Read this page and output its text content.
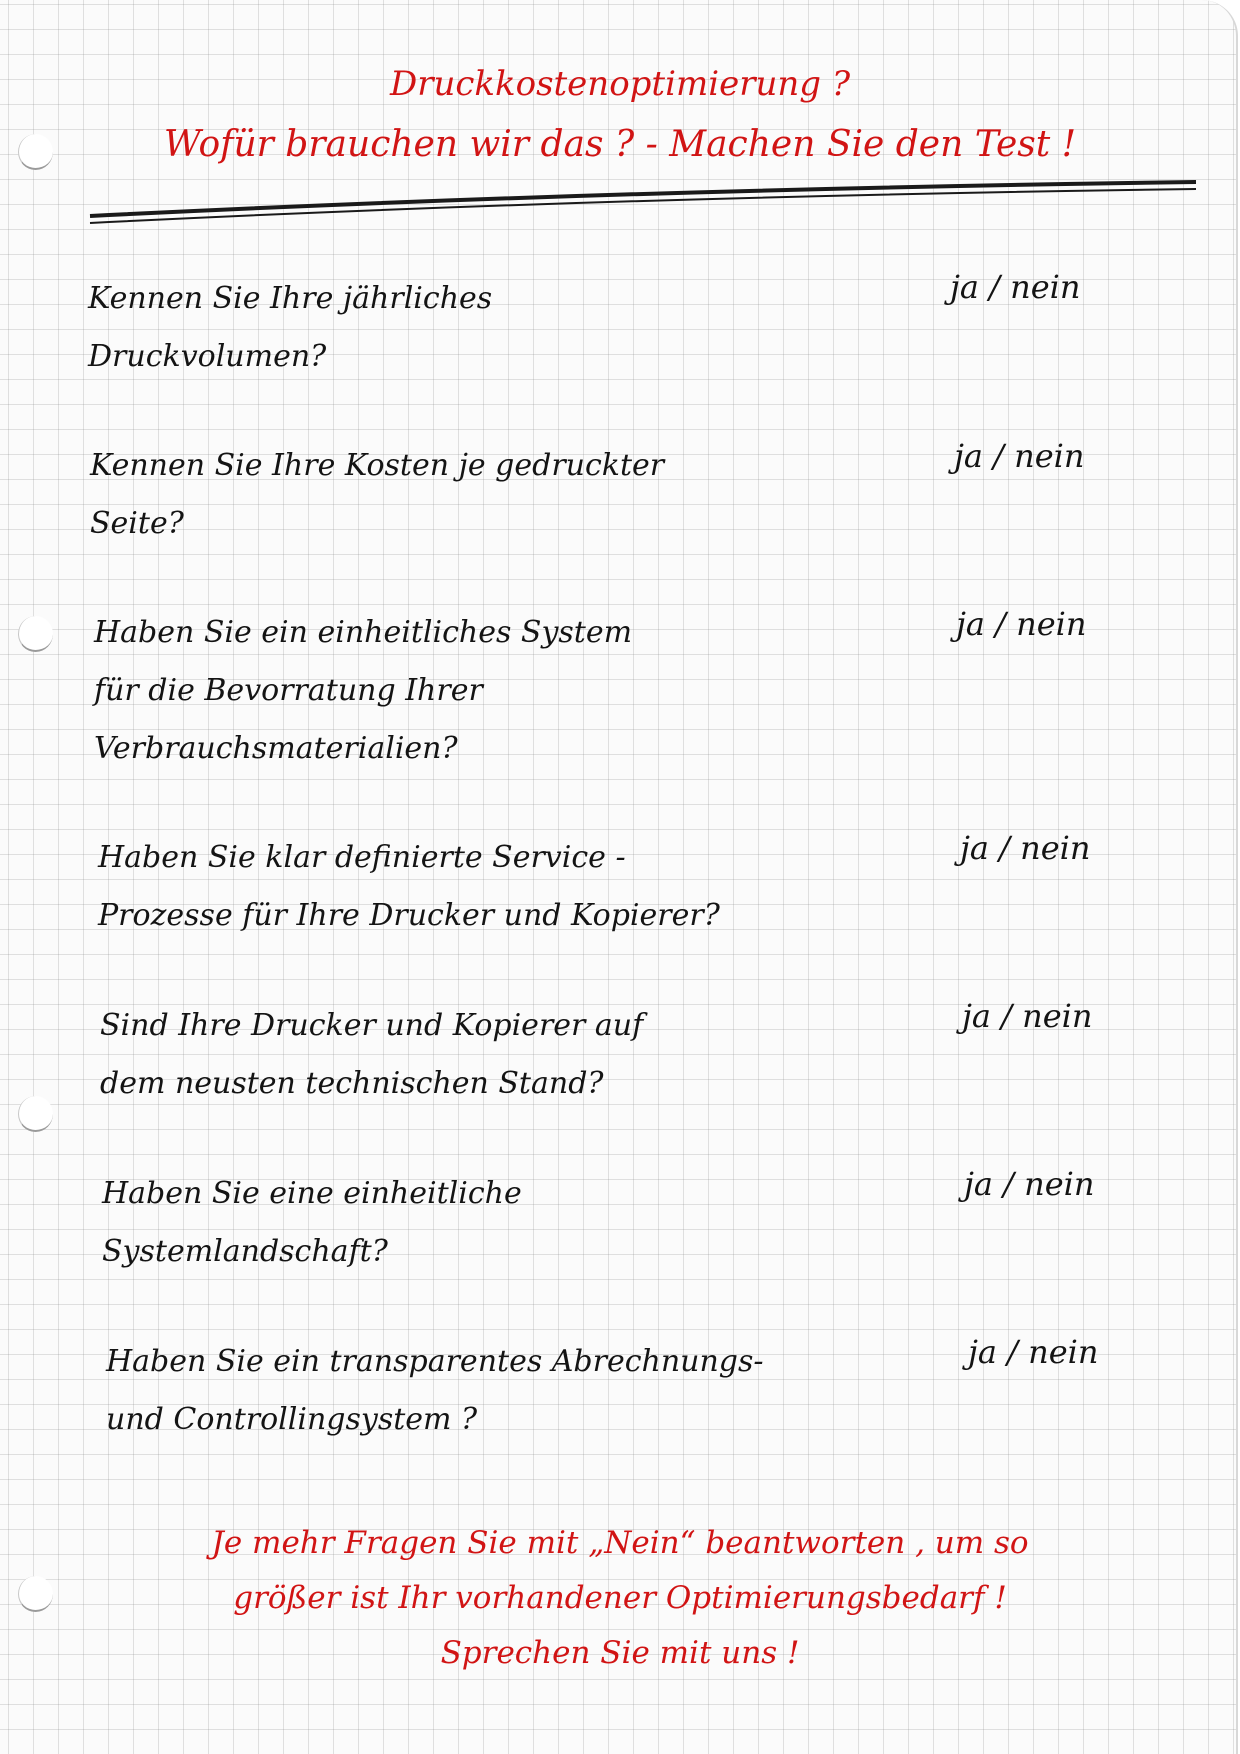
Druckkostenoptimierung ?
Wofür brauchen wir das ? - Machen Sie den Test !
Kennen Sie Ihre jährliches
Druckvolumen?
ja / nein
Kennen Sie Ihre Kosten je gedruckter
Seite?
ja / nein
Haben Sie ein einheitliches System
für die Bevorratung Ihrer
Verbrauchsmaterialien?
ja / nein
Haben Sie klar definierte Service -
Prozesse für Ihre Drucker und Kopierer?
ja / nein
Sind Ihre Drucker und Kopierer auf
dem neusten technischen Stand?
ja / nein
Haben Sie eine einheitliche
Systemlandschaft?
ja / nein
Haben Sie ein transparentes Abrechnungs-
und Controllingsystem ?
ja / nein
Je mehr Fragen Sie mit „Nein“ beantworten , um so
größer ist Ihr vorhandener Optimierungsbedarf !
Sprechen Sie mit uns !
